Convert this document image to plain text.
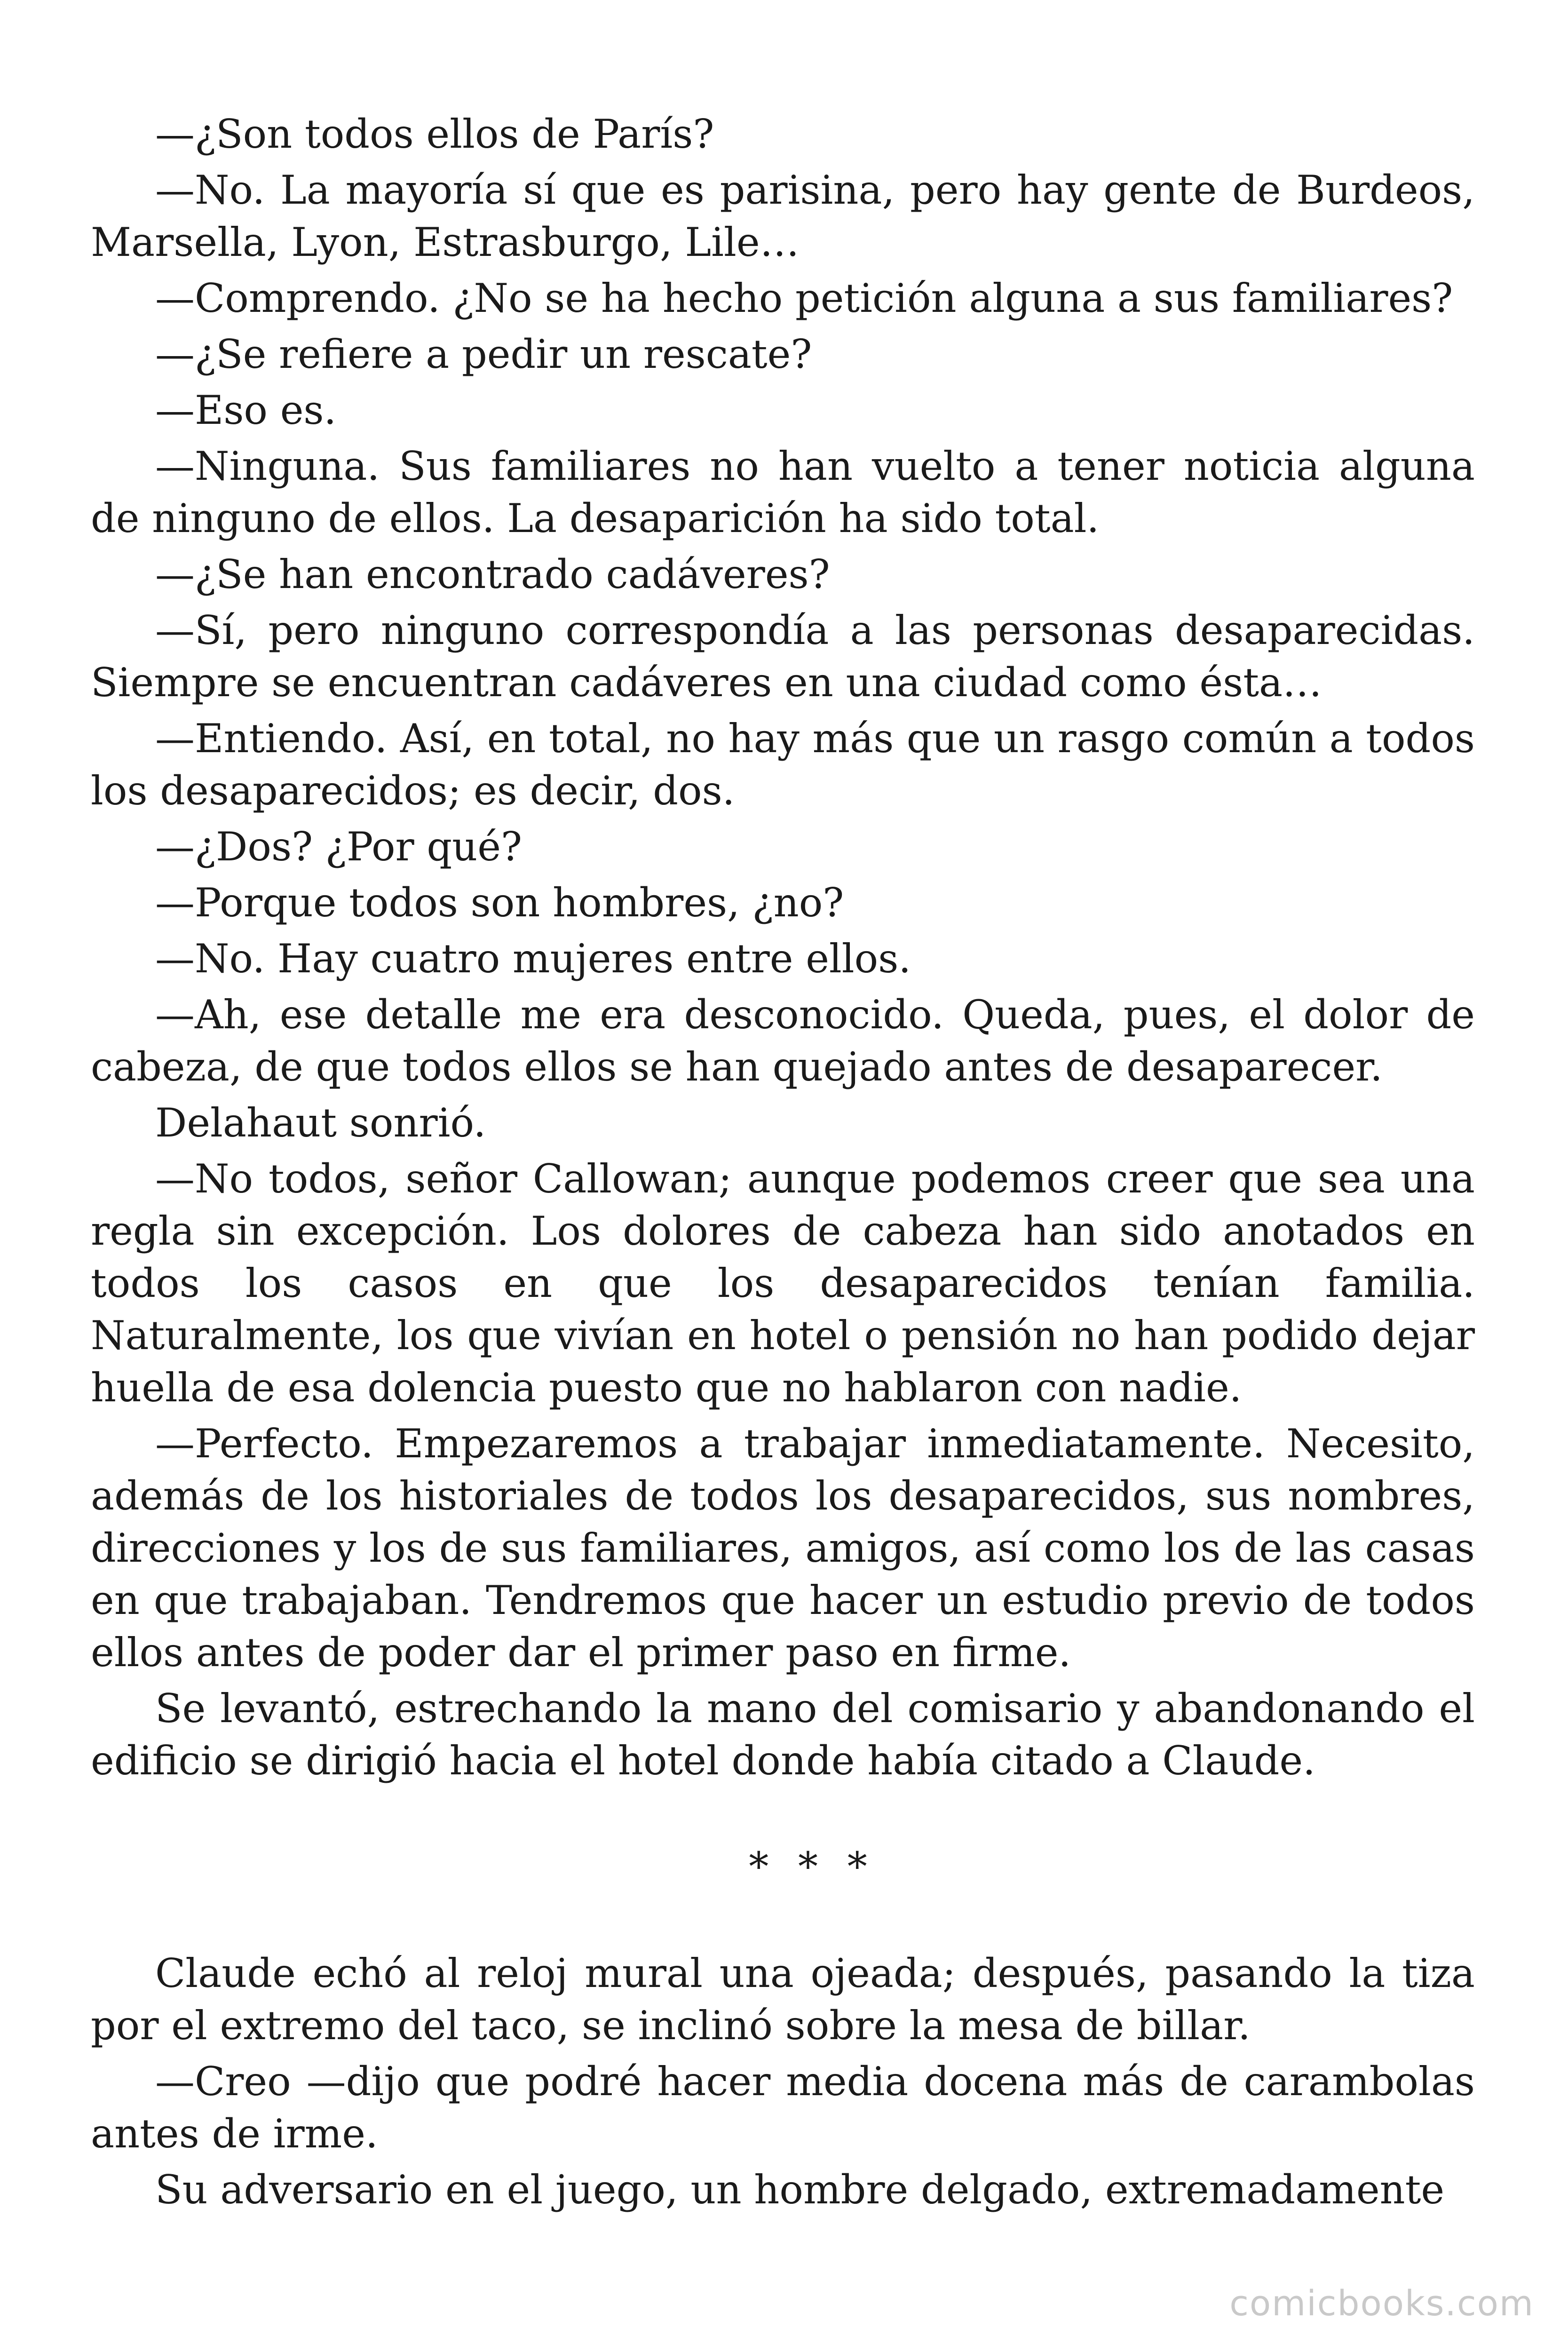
—¿Son todos ellos de París?

—No. La mayoría sí que es parisina, pero hay gente de Burdeos, Marsella, Lyon, Estrasburgo, Lile…

—Comprendo. ¿No se ha hecho petición alguna a sus familiares?

—¿Se refiere a pedir un rescate?

—Eso es.

—Ninguna. Sus familiares no han vuelto a tener noticia alguna de ninguno de ellos. La desaparición ha sido total.

—¿Se han encontrado cadáveres?

—Sí, pero ninguno correspondía a las personas desaparecidas. Siempre se encuentran cadáveres en una ciudad como ésta…

—Entiendo. Así, en total, no hay más que un rasgo común a todos los desaparecidos; es decir, dos.

—¿Dos? ¿Por qué?

—Porque todos son hombres, ¿no?

—No. Hay cuatro mujeres entre ellos.

—Ah, ese detalle me era desconocido. Queda, pues, el dolor de cabeza, de que todos ellos se han quejado antes de desaparecer.

Delahaut sonrió.

—No todos, señor Callowan; aunque podemos creer que sea una regla sin excepción. Los dolores de cabeza han sido anotados en todos los casos en que los desaparecidos tenían familia. Naturalmente, los que vivían en hotel o pensión no han podido dejar huella de esa dolencia puesto que no hablaron con nadie.

—Perfecto. Empezaremos a trabajar inmediatamente. Necesito, además de los historiales de todos los desaparecidos, sus nombres, direcciones y los de sus familiares, amigos, así como los de las casas en que trabajaban. Tendremos que hacer un estudio previo de todos ellos antes de poder dar el primer paso en firme.

Se levantó, estrechando la mano del comisario y abandonando el edificio se dirigió hacia el hotel donde había citado a Claude.

* * *

Claude echó al reloj mural una ojeada; después, pasando la tiza por el extremo del taco, se inclinó sobre la mesa de billar.

—Creo —dijo que podré hacer media docena más de carambolas antes de irme.

Su adversario en el juego, un hombre delgado, extremadamente

comicbooks.com
